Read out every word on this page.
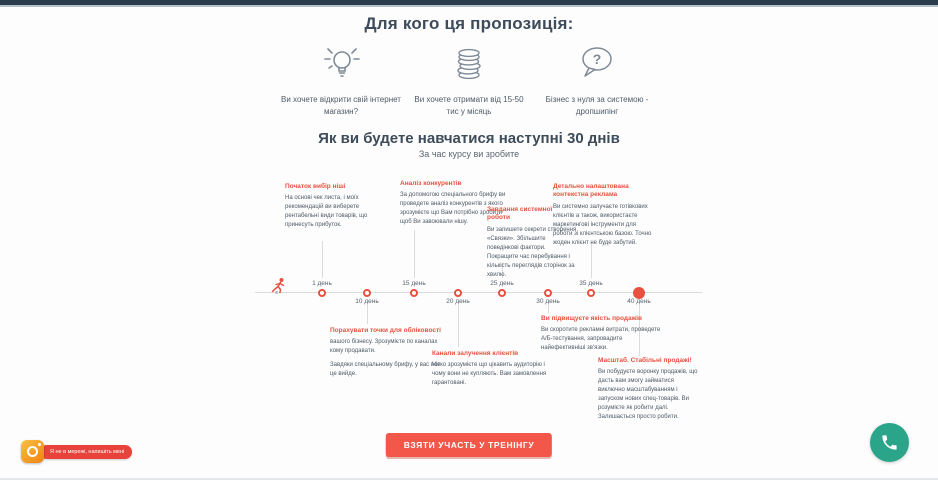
Для кого ця пропозиція:
Ви хочете відкрити свій інтернет магазин?
Ви хочете отримати від 15-50 тис у місяць
?
Бізнес з нуля за системою - дропшипінг
Як ви будете навчатися наступні 30 днів
За час курсу ви зробите
1 день
10 день
15 день
20 день
25 день
30 день
35 день
40 день
Початок вибір ніші

На основі чек листа, і моїх рекомендацій ви виберете рентабельні види товарів, що принесуть прибуток.

Аналіз конкурентів

За допомогою спеціального брифу ви проведете аналіз конкурентів з якого зрозумієте що Вам потрібно зробити щоб Ви завоювали нішу.

Завдання системної роботи

Ви запишете секрети створення «Связки». Збільшите поведінкові фактори. Покращите час перебування і кількість переглядів сторінок за хвилю.

Детально налаштована контекстна реклама

Ви системно залучаєте готівкових клієнтів а також, використаєте маркетингові інструменти для роботи зі клієнтською базою. Точно жоден клієнт не буде забутий.

Порахувати точки для обліковості

вашого бізнесу. Зрозумієте по каналах кому продавати.

Завдяки спеціальному брифу, у вас все це вийде.

Канали залучення клієнтів

Чітко зрозумієте що цікавить аудиторію і чому вони не купляють. Вам замовлення гарантовані.

Ви підвищуєте якість продажів

Ви скоротите рекламні витрати, проведете А/Б-тестування, запровадите найефективніші зв'язки.

Масштаб. Стабільні продажі!

Ви побудуєте воронку продажів, що дасть вам змогу займатися виключно масштабуванням і запуском нових спец-товарів. Ви розумієте як робити далі. Залишається просто робити.

ВЗЯТИ УЧАСТЬ У ТРЕНІНГУ
Я не в мережі, напишіть мені
